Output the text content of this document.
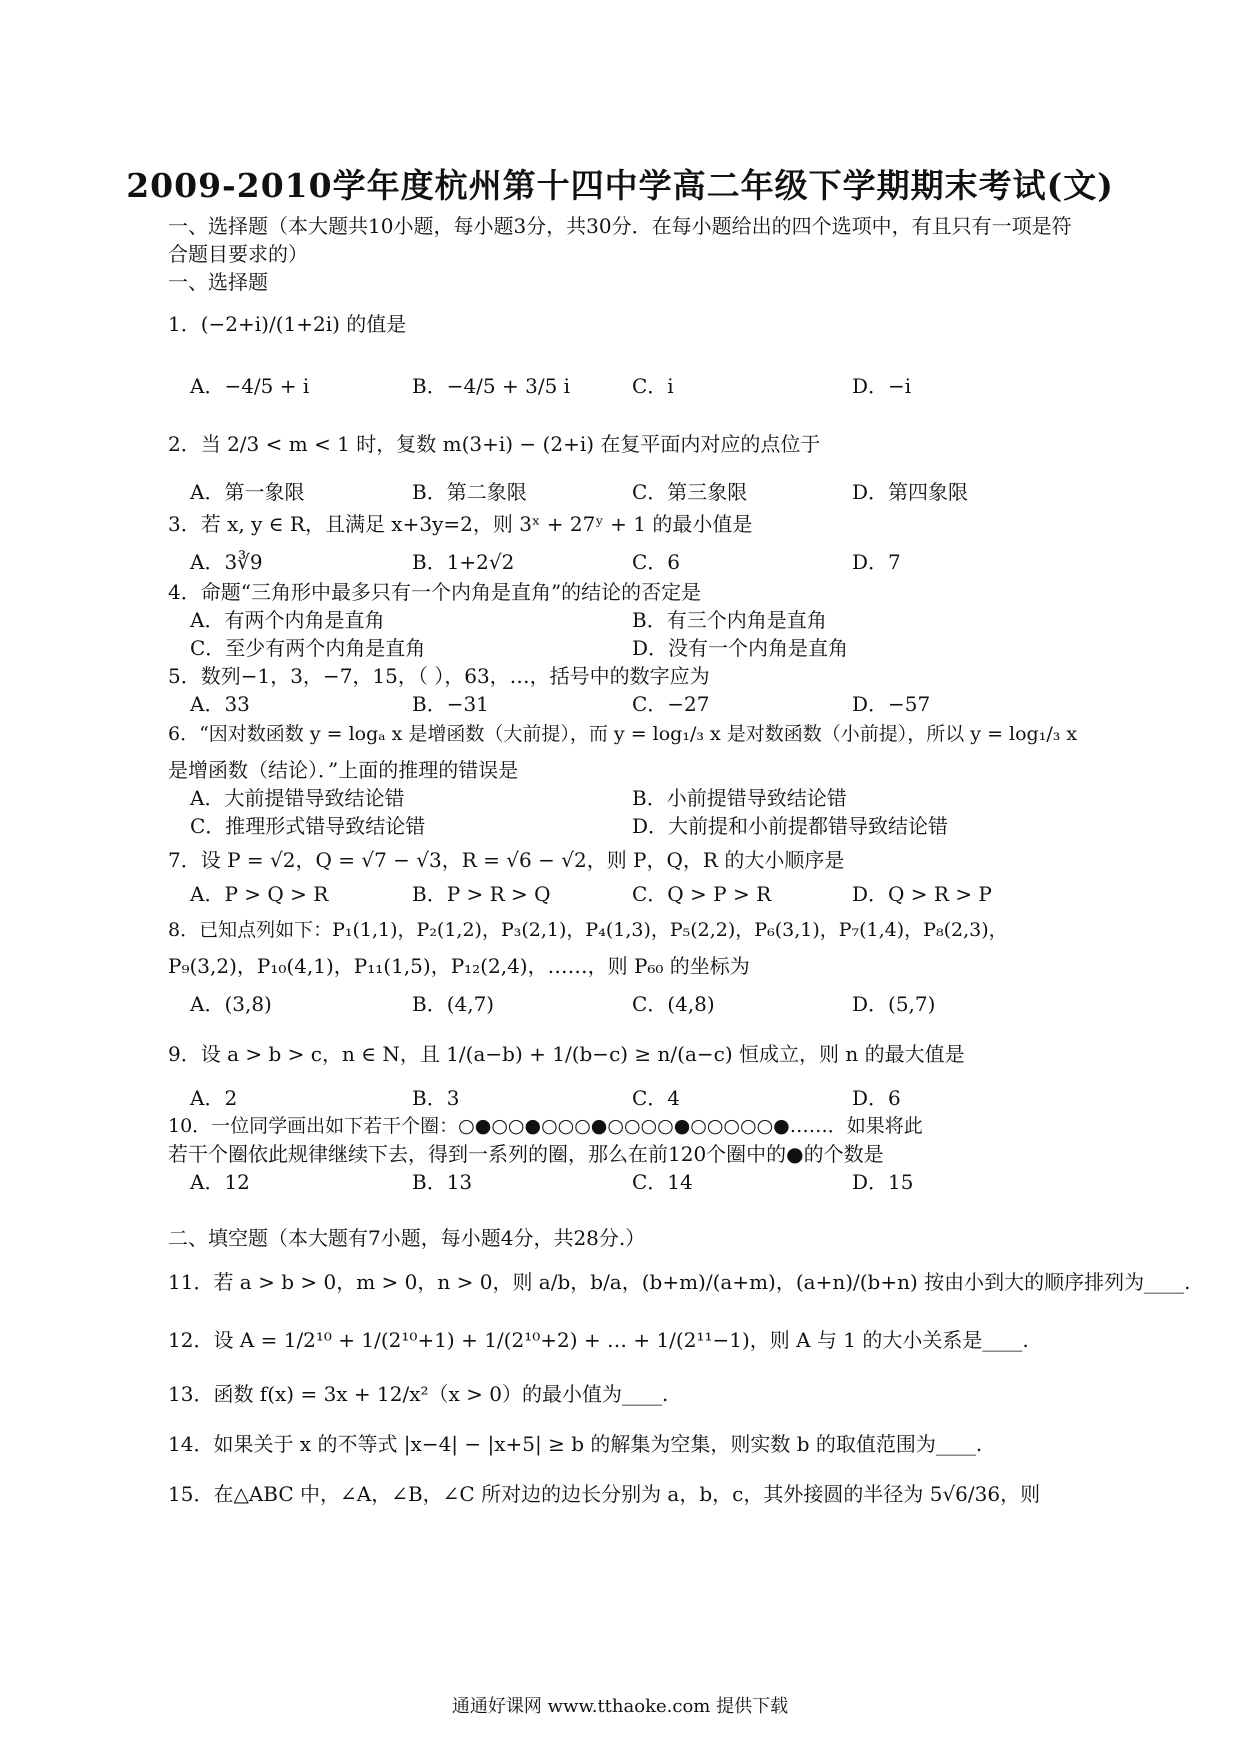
2009-2010学年度杭州第十四中学高二年级下学期期末考试(文)
一、选择题（本大题共10小题，每小题3分，共30分．在每小题给出的四个选项中，有且只有一项是符合题目要求的）
一、选择题
1．(−2+i)/(1+2i) 的值是
A．−4/5 + i	B．−4/5 + 3/5 i	C．i	D．−i
2．当 2/3 < m < 1 时，复数 m(3+i) − (2+i) 在复平面内对应的点位于
A．第一象限	B．第二象限	C．第三象限	D．第四象限
3．若 x, y ∈ R，且满足 x+3y=2，则 3ˣ + 27ʸ + 1 的最小值是
A．3∛9	B．1+2√2	C．6	D．7
4．命题“三角形中最多只有一个内角是直角”的结论的否定是
A．有两个内角是直角	B．有三个内角是直角
C．至少有两个内角是直角	D．没有一个内角是直角
5．数列−1，3，−7，15，（ ），63，…，括号中的数字应为
A．33	B．−31	C．−27	D．−57
6．“因对数函数 y = logₐ x 是增函数（大前提），而 y = log₁/₃ x 是对数函数（小前提），所以 y = log₁/₃ x
是增函数（结论）．”上面的推理的错误是
A．大前提错导致结论错	B．小前提错导致结论错
C．推理形式错导致结论错	D．大前提和小前提都错导致结论错
7．设 P = √2，Q = √7 − √3，R = √6 − √2，则 P，Q，R 的大小顺序是
A．P > Q > R	B．P > R > Q	C．Q > P > R	D．Q > R > P
8．已知点列如下：P₁(1,1)，P₂(1,2)，P₃(2,1)，P₄(1,3)，P₅(2,2)，P₆(3,1)，P₇(1,4)，P₈(2,3)，
P₉(3,2)，P₁₀(4,1)，P₁₁(1,5)，P₁₂(2,4)，……，则 P₆₀ 的坐标为
A．(3,8)	B．(4,7)	C．(4,8)	D．(5,7)
9．设 a > b > c，n ∈ N，且 1/(a−b) + 1/(b−c) ≥ n/(a−c) 恒成立，则 n 的最大值是
A．2	B．3	C．4	D．6
10．一位同学画出如下若干个圈：○●○○●○○○●○○○○●○○○○○●……．如果将此
若干个圈依此规律继续下去，得到一系列的圈，那么在前120个圈中的●的个数是
A．12	B．13	C．14	D．15
二、填空题（本大题有7小题，每小题4分，共28分.）
11．若 a > b > 0，m > 0，n > 0，则 a/b，b/a，(b+m)/(a+m)，(a+n)/(b+n) 按由小到大的顺序排列为____.
12．设 A = 1/2¹⁰ + 1/(2¹⁰+1) + 1/(2¹⁰+2) + … + 1/(2¹¹−1)，则 A 与 1 的大小关系是____.
13．函数 f(x) = 3x + 12/x²（x > 0）的最小值为____.
14．如果关于 x 的不等式 |x−4| − |x+5| ≥ b 的解集为空集，则实数 b 的取值范围为____.
15．在△ABC 中，∠A，∠B，∠C 所对边的边长分别为 a，b，c，其外接圆的半径为 5√6/36，则
通通好课网 www.tthaoke.com 提供下载
